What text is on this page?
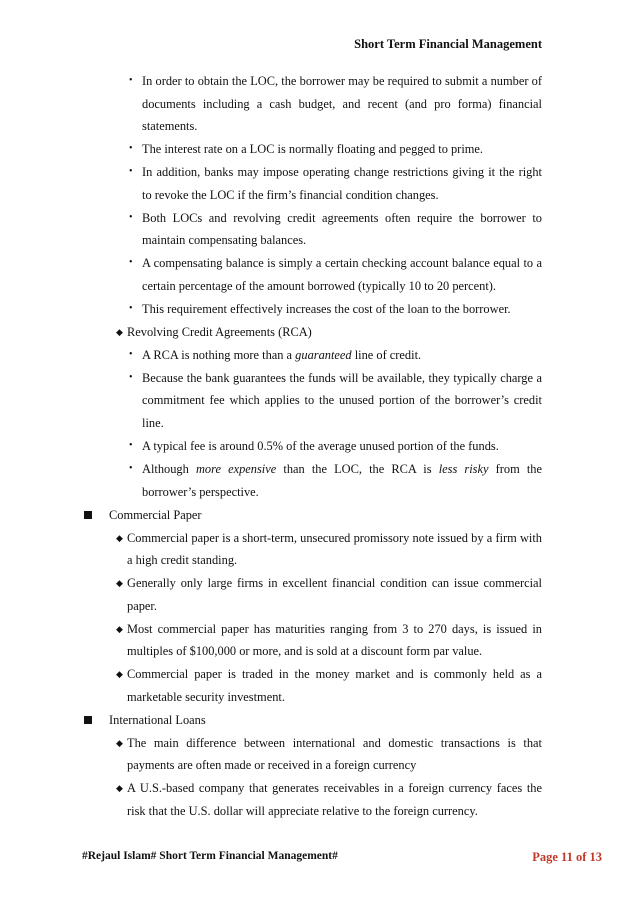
Short Term Financial Management
• In order to obtain the LOC, the borrower may be required to submit a number of documents including a cash budget, and recent (and pro forma) financial statements.
• The interest rate on a LOC is normally floating and pegged to prime.
• In addition, banks may impose operating change restrictions giving it the right to revoke the LOC if the firm’s financial condition changes.
• Both LOCs and revolving credit agreements often require the borrower to maintain compensating balances.
• A compensating balance is simply a certain checking account balance equal to a certain percentage of the amount borrowed (typically 10 to 20 percent).
• This requirement effectively increases the cost of the loan to the borrower.
◆ Revolving Credit Agreements (RCA)
• A RCA is nothing more than a guaranteed line of credit.
• Because the bank guarantees the funds will be available, they typically charge a commitment fee which applies to the unused portion of the borrower’s credit line.
• A typical fee is around 0.5% of the average unused portion of the funds.
• Although more expensive than the LOC, the RCA is less risky from the borrower’s perspective.
Commercial Paper
◆ Commercial paper is a short-term, unsecured promissory note issued by a firm with a high credit standing.
◆ Generally only large firms in excellent financial condition can issue commercial paper.
◆ Most commercial paper has maturities ranging from 3 to 270 days, is issued in multiples of $100,000 or more, and is sold at a discount form par value.
◆ Commercial paper is traded in the money market and is commonly held as a marketable security investment.
International Loans
◆ The main difference between international and domestic transactions is that payments are often made or received in a foreign currency
◆ A U.S.-based company that generates receivables in a foreign currency faces the risk that the U.S. dollar will appreciate relative to the foreign currency.
#Rejaul Islam# Short Term Financial Management#	Page 11 of 13
